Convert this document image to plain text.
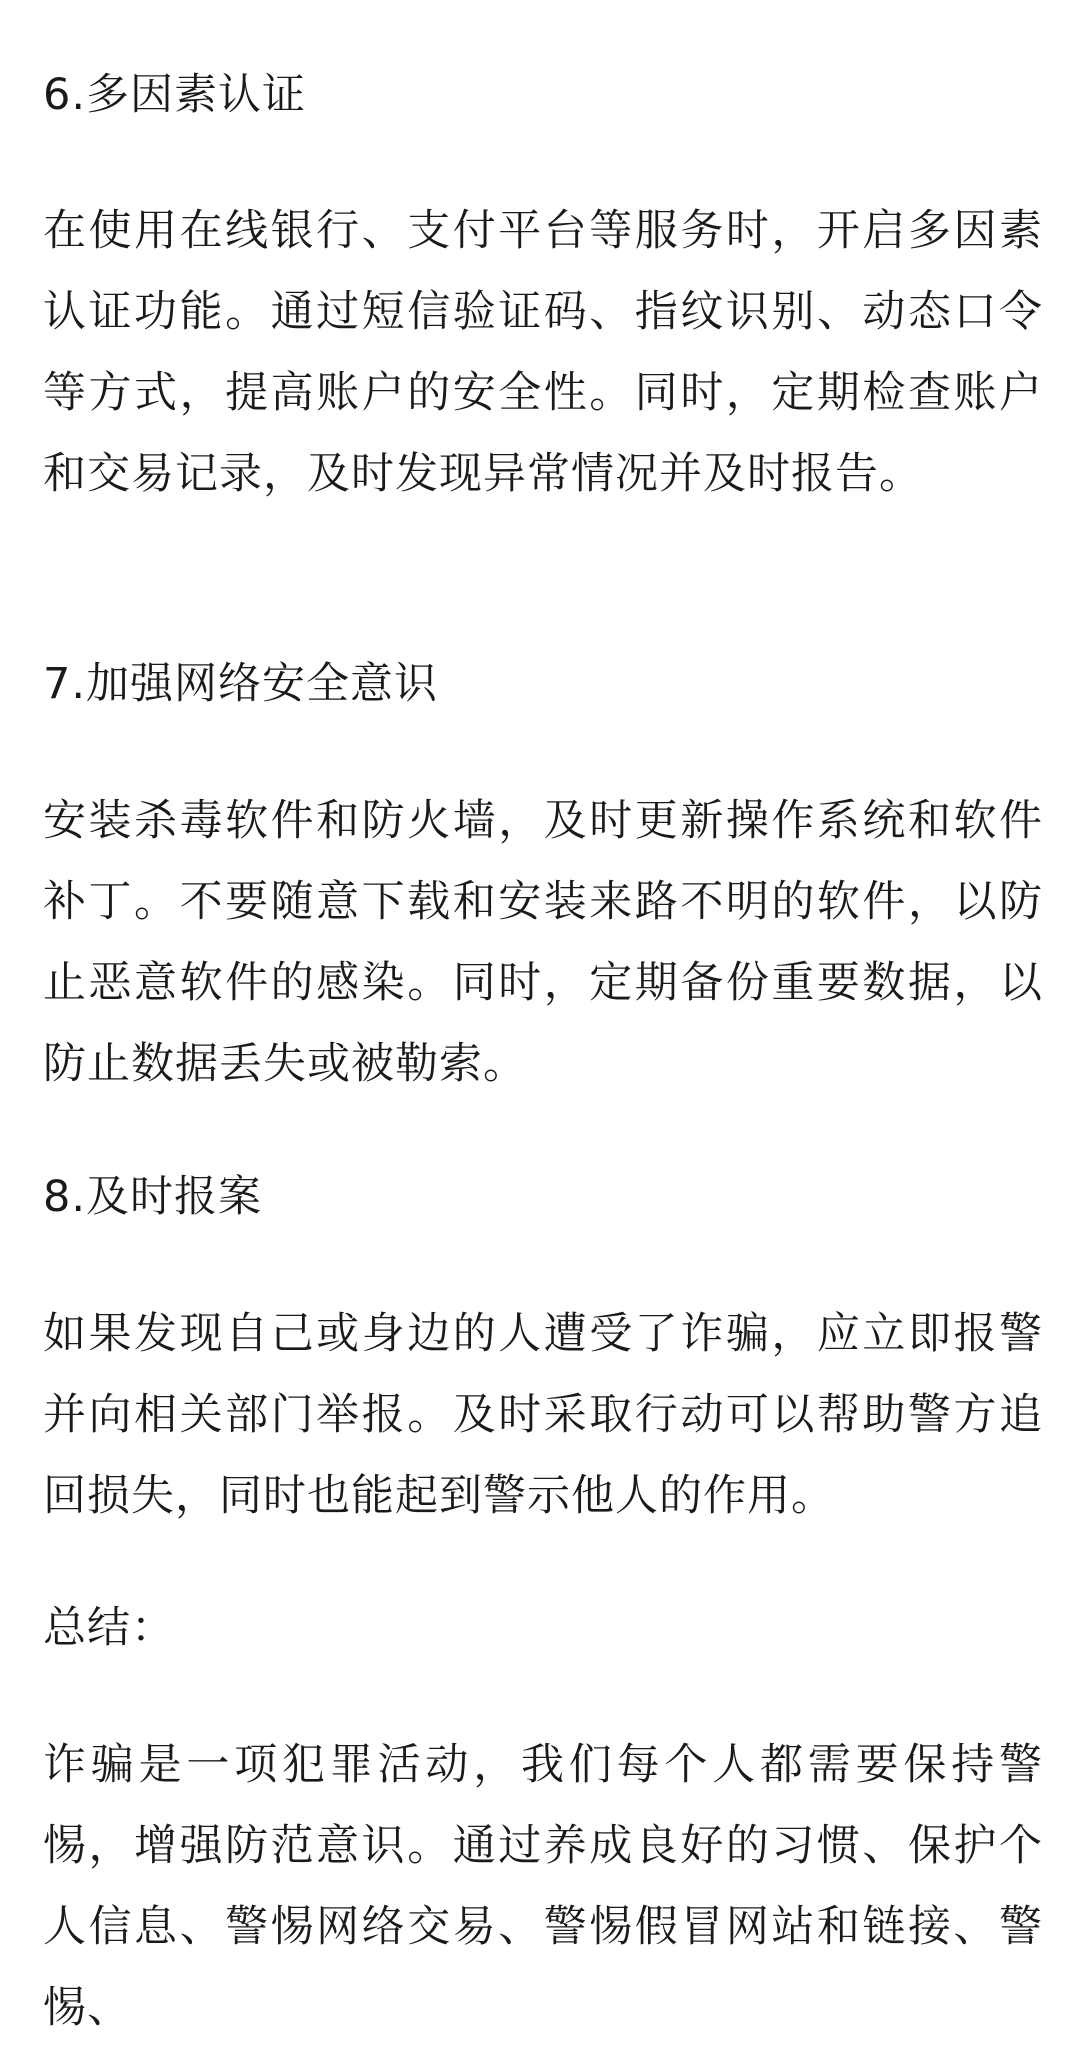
6.多因素认证

在使用在线银行、支付平台等服务时，开启多因素认证功能。通过短信验证码、指纹识别、动态口令等方式，提高账户的安全性。同时，定期检查账户和交易记录，及时发现异常情况并及时报告。

7.加强网络安全意识

安装杀毒软件和防火墙，及时更新操作系统和软件补丁。不要随意下载和安装来路不明的软件，以防止恶意软件的感染。同时，定期备份重要数据，以防止数据丢失或被勒索。

8.及时报案

如果发现自己或身边的人遭受了诈骗，应立即报警并向相关部门举报。及时采取行动可以帮助警方追回损失，同时也能起到警示他人的作用。

总结：

诈骗是一项犯罪活动，我们每个人都需要保持警惕，增强防范意识。通过养成良好的习惯、保护个人信息、警惕网络交易、警惕假冒网站和链接、警惕、
